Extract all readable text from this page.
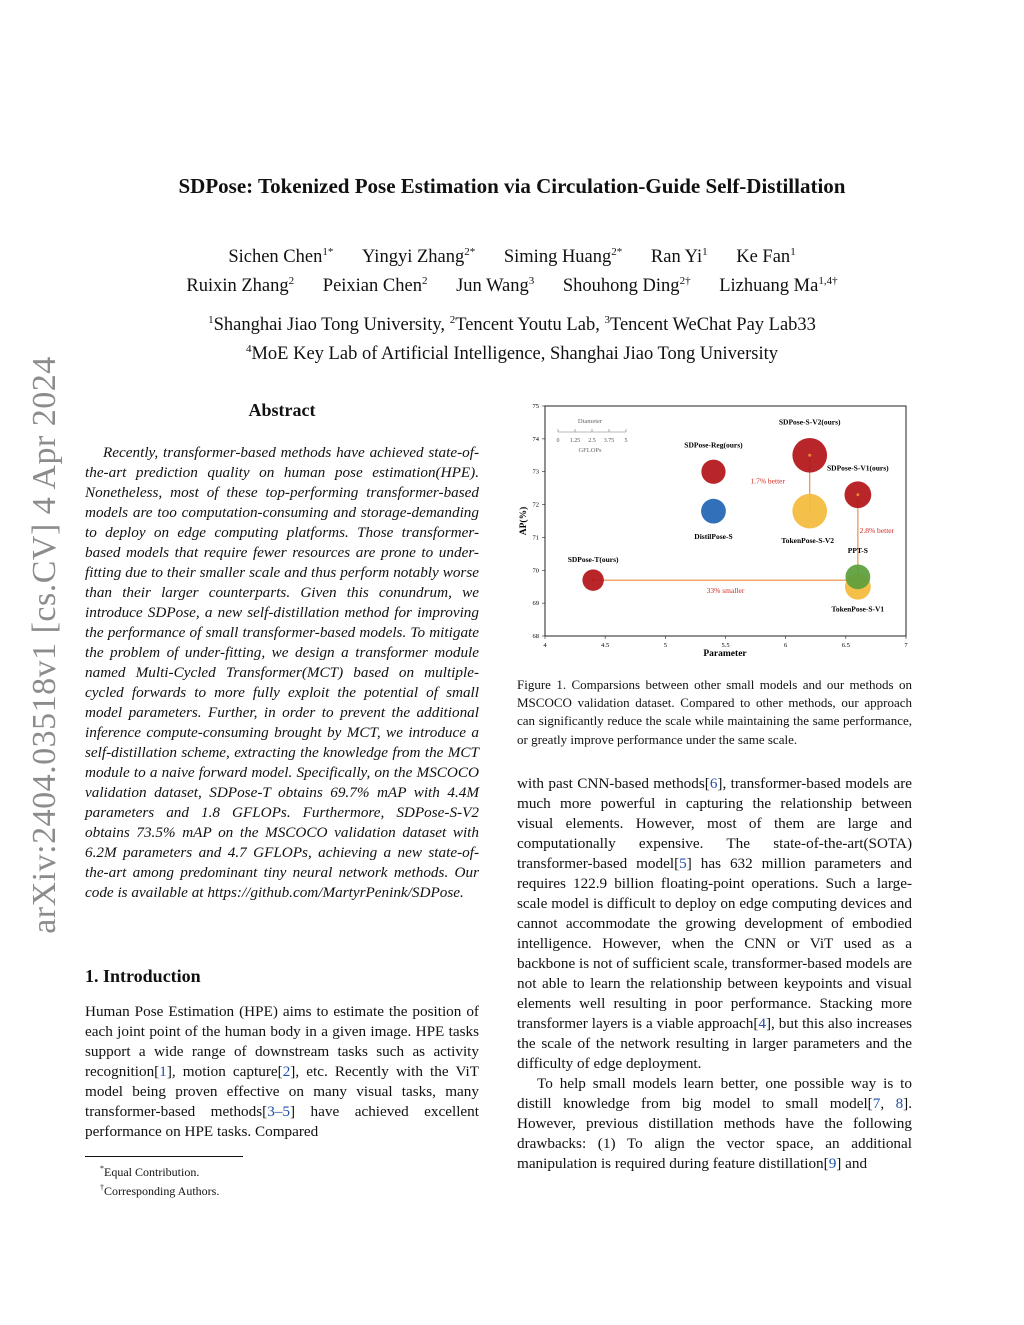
arXiv:2404.03518v1 [cs.CV] 4 Apr 2024
SDPose: Tokenized Pose Estimation via Circulation-Guide Self-Distillation
Sichen Chen$^{1*}$ Yingyi Zhang$^{2*}$ Siming Huang$^{2*}$ Ran Yi$^1$ Ke Fan$^1$
Ruixin Zhang$^2$ Peixian Chen$^2$ Jun Wang$^3$ Shouhong Ding$^{2\dagger}$ Lizhuang $Ma^{1,4\dagger}$
$^1$Shanghai Jiao Tong University, $^2$Tencent Youtu Lab, $^3$Tencent WeChat Pay Lab33
$^4$MoE Key Lab of Artificial Intelligence, Shanghai Jiao Tong University
Abstract

Recently, transformer-based methods have achieved state-of-the-art prediction quality on human pose estimation(HPE). Nonetheless, most of these top-performing transformer-based models are too computation-consuming and storage-demanding to deploy on edge computing platforms. Those transformer-based models that require fewer resources are prone to under-fitting due to their smaller scale and thus perform notably worse than their larger counterparts. Given this conundrum, we introduce SDPose, a new self-distillation method for improving the performance of small transformer-based models. To mitigate the problem of under-fitting, we design a transformer module named Multi-Cycled Transformer(MCT) based on multiple-cycled forwards to more fully exploit the potential of small model parameters. Further, in order to prevent the additional inference compute-consuming brought by MCT, we introduce a self-distillation scheme, extracting the knowledge from the MCT module to a naive forward model. Specifically, on the MSCOCO validation dataset, SDPose-T obtains 69.7% mAP with 4.4M parameters and 1.8 GFLOPs. Furthermore, SDPose-S-V2 obtains 73.5% mAP on the MSCOCO validation dataset with 6.2M parameters and 4.7 GFLOPs, achieving a new state-of-the-art among predominant tiny neural network methods. Our code is available at https://github.com/MartyrPenink/SDPose.

1. Introduction

Human Pose Estimation (HPE) aims to estimate the position of each joint point of the human body in a given image. HPE tasks support a wide range of downstream tasks such as activity recognition[1], motion capture[2], etc. Recently with the ViT model being proven effective on many visual tasks, many transformer-based methods[3–5] have achieved excellent performance on HPE tasks. Compared

*Equal Contribution.
†Corresponding Authors.
4	4.5	5	5.5	6	6.5	7
68
69
70
71
72
73
74
75
Diameter
0 1.25 2.5 3.75 5
GFLOPs
SDPose-T(ours)
SDPose-Reg(ours)
DistilPose-S
SDPose-S-V2(ours)
TokenPose-S-V2
SDPose-S-V1(ours)
TokenPose-S-V1
PPT-S
1.7% better
2.8% better
33% smaller
Parameter
AP(%)
Figure 1. Comparsions between other small models and our methods on MSCOCO validation dataset. Compared to other methods, our approach can significantly reduce the scale while maintaining the same performance, or greatly improve performance under the same scale.

with past CNN-based methods[6], transformer-based models are much more powerful in capturing the relationship between visual elements. However, most of them are large and computationally expensive. The state-of-the-art(SOTA) transformer-based model[5] has 632 million parameters and requires 122.9 billion floating-point operations. Such a large-scale model is difficult to deploy on edge computing devices and cannot accommodate the growing development of embodied intelligence. However, when the CNN or ViT used as a backbone is not of sufficient scale, transformer-based models are not able to learn the relationship between keypoints and visual elements well resulting in poor performance. Stacking more transformer layers is a viable approach[4], but this also increases the scale of the network resulting in larger parameters and the difficulty of edge deployment.

To help small models learn better, one possible way is to distill knowledge from big model to small model[7, 8]. However, previous distillation methods have the following drawbacks: (1) To align the vector space, an additional manipulation is required during feature distillation[9] and
